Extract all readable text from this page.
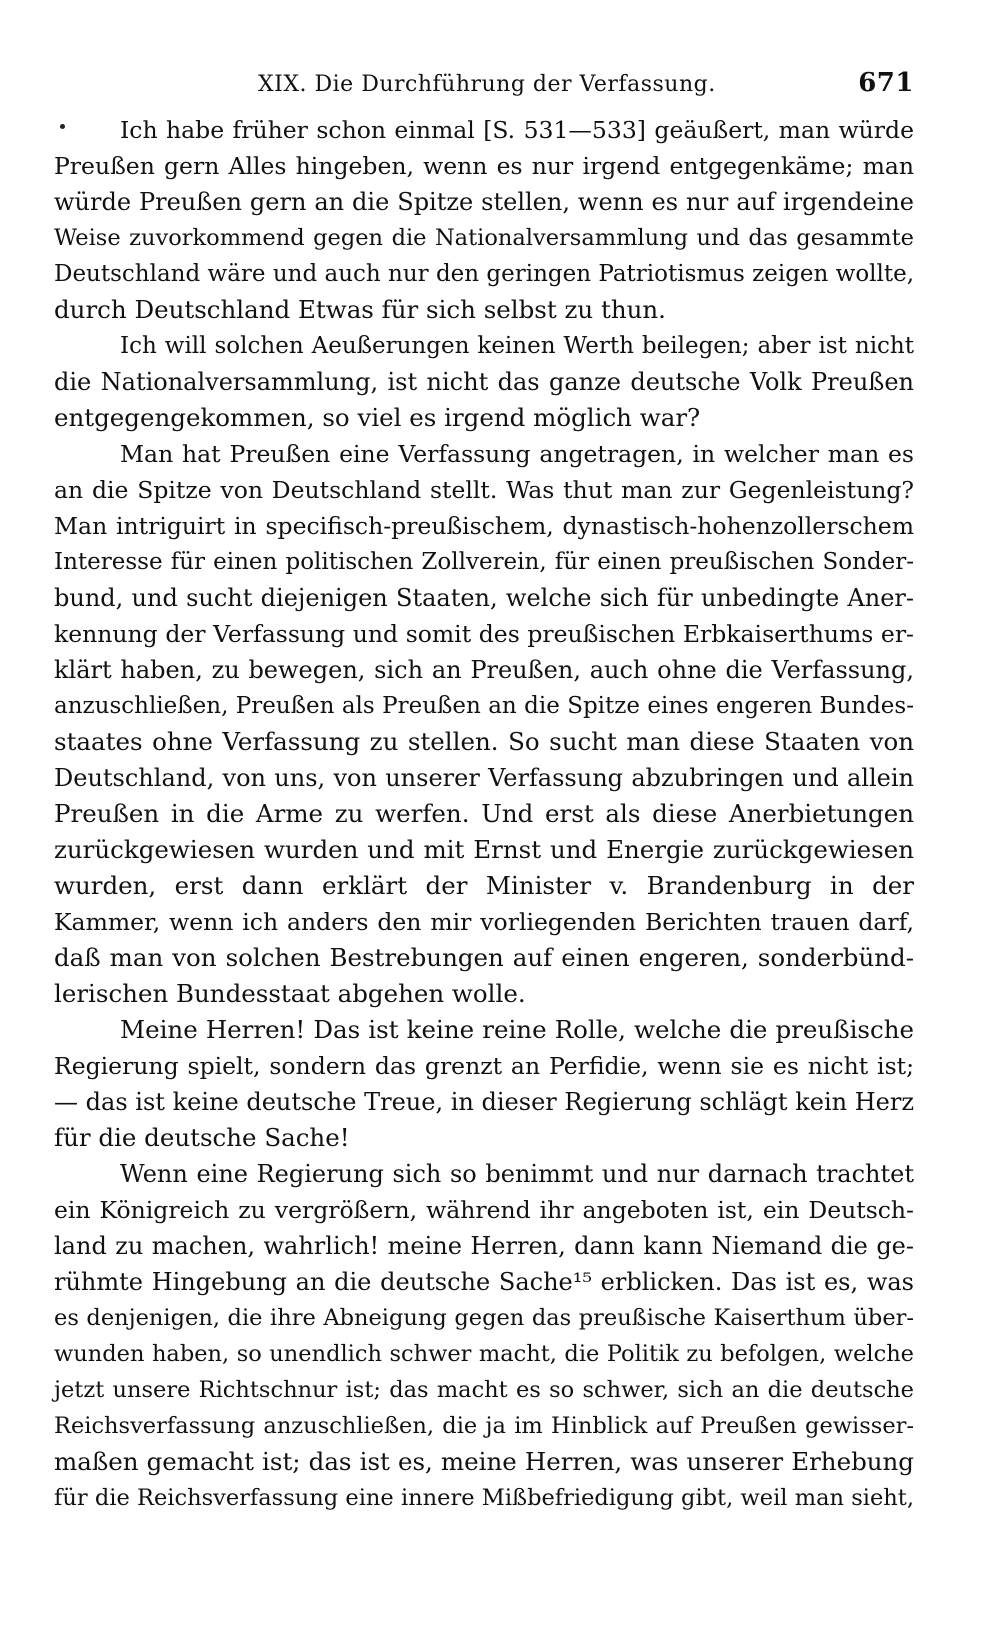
XIX. Die Durchführung der Verfassung.	671
Ich habe früher schon einmal [S. 531—533] geäußert, man würde
Preußen gern Alles hingeben, wenn es nur irgend entgegenkäme; man
würde Preußen gern an die Spitze stellen, wenn es nur auf irgendeine
Weise zuvorkommend gegen die Nationalversammlung und das gesammte
Deutschland wäre und auch nur den geringen Patriotismus zeigen wollte,
durch Deutschland Etwas für sich selbst zu thun.
Ich will solchen Aeußerungen keinen Werth beilegen; aber ist nicht
die Nationalversammlung, ist nicht das ganze deutsche Volk Preußen
entgegengekommen, so viel es irgend möglich war?
Man hat Preußen eine Verfassung angetragen, in welcher man es
an die Spitze von Deutschland stellt. Was thut man zur Gegenleistung?
Man intriguirt in specifisch-preußischem, dynastisch-hohenzollerschem
Interesse für einen politischen Zollverein, für einen preußischen Sonder-
bund, und sucht diejenigen Staaten, welche sich für unbedingte Aner-
kennung der Verfassung und somit des preußischen Erbkaiserthums er-
klärt haben, zu bewegen, sich an Preußen, auch ohne die Verfassung,
anzuschließen, Preußen als Preußen an die Spitze eines engeren Bundes-
staates ohne Verfassung zu stellen. So sucht man diese Staaten von
Deutschland, von uns, von unserer Verfassung abzubringen und allein
Preußen in die Arme zu werfen. Und erst als diese Anerbietungen
zurückgewiesen wurden und mit Ernst und Energie zurückgewiesen
wurden, erst dann erklärt der Minister v. Brandenburg in der
Kammer, wenn ich anders den mir vorliegenden Berichten trauen darf,
daß man von solchen Bestrebungen auf einen engeren, sonderbünd-
lerischen Bundesstaat abgehen wolle.
Meine Herren! Das ist keine reine Rolle, welche die preußische
Regierung spielt, sondern das grenzt an Perfidie, wenn sie es nicht ist;
— das ist keine deutsche Treue, in dieser Regierung schlägt kein Herz
für die deutsche Sache!
Wenn eine Regierung sich so benimmt und nur darnach trachtet
ein Königreich zu vergrößern, während ihr angeboten ist, ein Deutsch-
land zu machen, wahrlich! meine Herren, dann kann Niemand die ge-
rühmte Hingebung an die deutsche Sache¹⁵ erblicken. Das ist es, was
es denjenigen, die ihre Abneigung gegen das preußische Kaiserthum über-
wunden haben, so unendlich schwer macht, die Politik zu befolgen, welche
jetzt unsere Richtschnur ist; das macht es so schwer, sich an die deutsche
Reichsverfassung anzuschließen, die ja im Hinblick auf Preußen gewisser-
maßen gemacht ist; das ist es, meine Herren, was unserer Erhebung
für die Reichsverfassung eine innere Mißbefriedigung gibt, weil man sieht,
